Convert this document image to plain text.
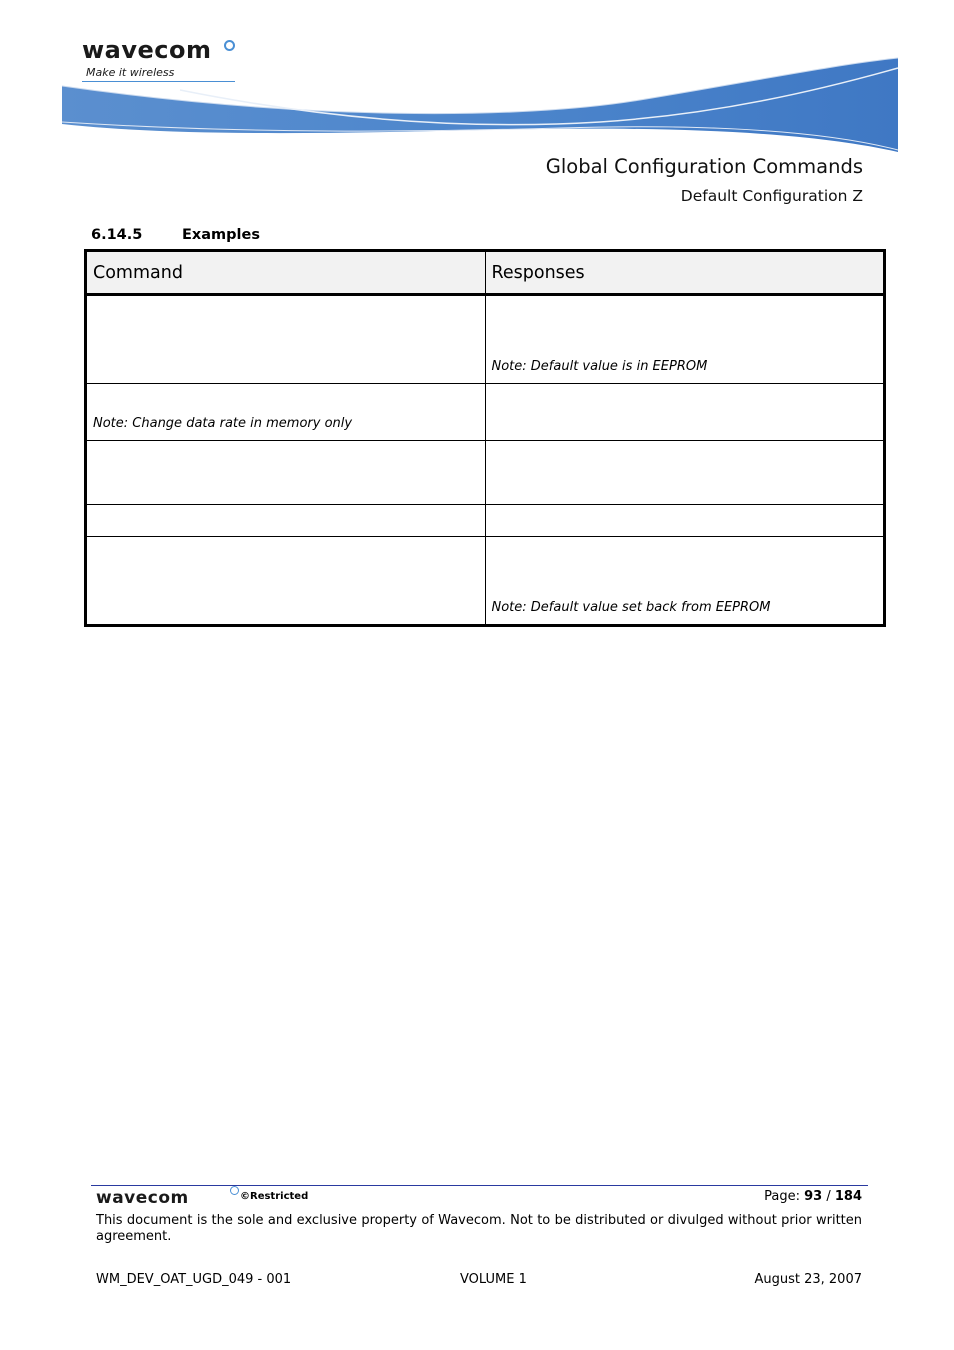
wavecom
Make it wireless
Global Configuration Commands
Default Configuration Z
6.14.5	Examples
Command	Responses

	Note: Default value is in EEPROM

Note: Change data rate in memory only	

	Note: Default value set back from EEPROM
wavecom	©Restricted	Page: 93 / 184
This document is the sole and exclusive property of Wavecom. Not to be distributed or divulged without prior written agreement.
WM_DEV_OAT_UGD_049 - 001	VOLUME 1	August 23, 2007
